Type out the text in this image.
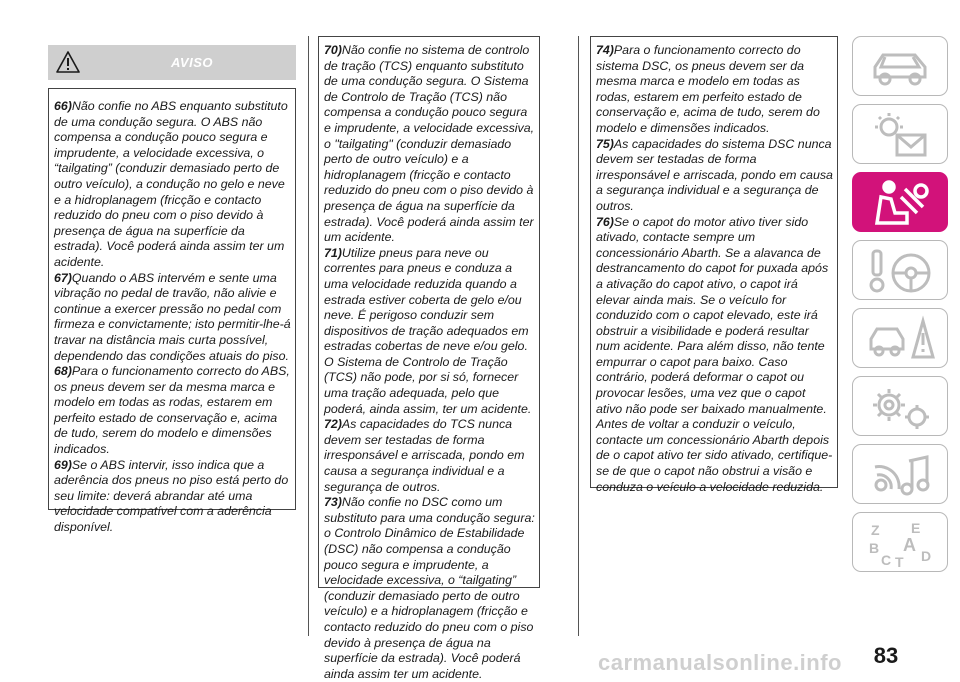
AVISO
66)Não confie no ABS enquanto substituto de uma condução segura. O ABS não compensa a condução pouco segura e imprudente, a velocidade excessiva, o “tailgating” (conduzir demasiado perto de outro veículo), a condução no gelo e neve e a hidroplanagem (fricção e contacto reduzido do pneu com o piso devido à presença de água na superfície da estrada). Você poderá ainda assim ter um acidente.
67)Quando o ABS intervém e sente uma vibração no pedal de travão, não alivie e continue a exercer pressão no pedal com firmeza e convictamente; isto permitir-lhe-á travar na distância mais curta possível, dependendo das condições atuais do piso.
68)Para o funcionamento correcto do ABS, os pneus devem ser da mesma marca e modelo em todas as rodas, estarem em perfeito estado de conservação e, acima de tudo, serem do modelo e dimensões indicados.
69)Se o ABS intervir, isso indica que a aderência dos pneus no piso está perto do seu limite: deverá abrandar até uma velocidade compatível com a aderência disponível.
70)Não confie no sistema de controlo de tração (TCS) enquanto substituto de uma condução segura. O Sistema de Controlo de Tração (TCS) não compensa a condução pouco segura e imprudente, a velocidade excessiva, o "tailgating" (conduzir demasiado perto de outro veículo) e a hidroplanagem (fricção e contacto reduzido do pneu com o piso devido à presença de água na superfície da estrada). Você poderá ainda assim ter um acidente.
71)Utilize pneus para neve ou correntes para pneus e conduza a uma velocidade reduzida quando a estrada estiver coberta de gelo e/ou neve. É perigoso conduzir sem dispositivos de tração adequados em estradas cobertas de neve e/ou gelo. O Sistema de Controlo de Tração (TCS) não pode, por si só, fornecer uma tração adequada, pelo que poderá, ainda assim, ter um acidente.
72)As capacidades do TCS nunca devem ser testadas de forma irresponsável e arriscada, pondo em causa a segurança individual e a segurança de outros.
73)Não confie no DSC como um substituto para uma condução segura: o Controlo Dinâmico de Estabilidade (DSC) não compensa a condução pouco segura e imprudente, a velocidade excessiva, o “tailgating” (conduzir demasiado perto de outro veículo) e a hidroplanagem (fricção e contacto reduzido do pneu com o piso devido à presença de água na superfície da estrada). Você poderá ainda assim ter um acidente.
74)Para o funcionamento correcto do sistema DSC, os pneus devem ser da mesma marca e modelo em todas as rodas, estarem em perfeito estado de conservação e, acima de tudo, serem do modelo e dimensões indicados.
75)As capacidades do sistema DSC nunca devem ser testadas de forma irresponsável e arriscada, pondo em causa a segurança individual e a segurança de outros.
76)Se o capot do motor ativo tiver sido ativado, contacte sempre um concessionário Abarth. Se a alavanca de destrancamento do capot for puxada após a ativação do capot ativo, o capot irá elevar ainda mais. Se o veículo for conduzido com o capot elevado, este irá obstruir a visibilidade e poderá resultar num acidente. Para além disso, não tente empurrar o capot para baixo. Caso contrário, poderá deformar o capot ou provocar lesões, uma vez que o capot ativo não pode ser baixado manualmente. Antes de voltar a conduzir o veículo, contacte um concessionário Abarth depois de o capot ativo ter sido ativado, certifique-se de que o capot não obstrui a visão e conduza o veículo a velocidade reduzida.
Z E
B A
C T D
83
carmanualsonline.info
